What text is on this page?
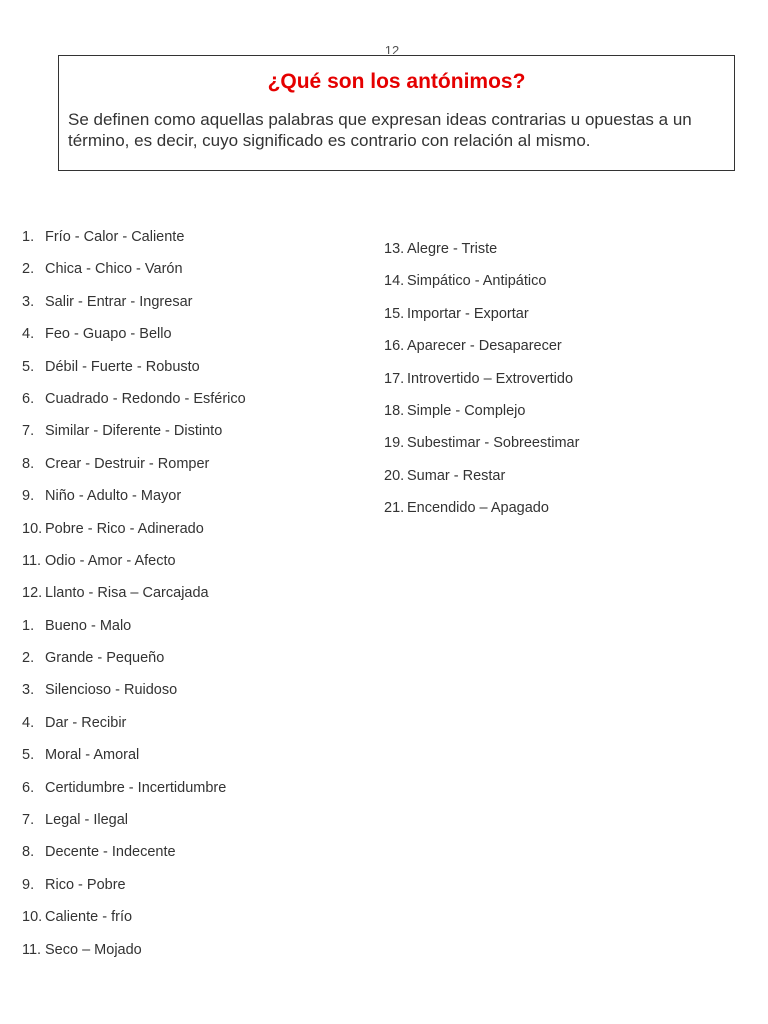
12
¿Qué son los antónimos?
Se definen como aquellas palabras que expresan ideas contrarias u opuestas a un término, es decir, cuyo significado es contrario con relación al mismo.
1. Frío - Calor - Caliente
2. Chica - Chico - Varón
3. Salir - Entrar - Ingresar
4. Feo - Guapo - Bello
5. Débil - Fuerte - Robusto
6. Cuadrado - Redondo - Esférico
7. Similar - Diferente - Distinto
8. Crear - Destruir - Romper
9. Niño - Adulto - Mayor
10. Pobre - Rico - Adinerado
11. Odio - Amor - Afecto
12. Llanto - Risa – Carcajada
1. Bueno - Malo
2. Grande - Pequeño
3. Silencioso - Ruidoso
4. Dar - Recibir
5. Moral - Amoral
6. Certidumbre - Incertidumbre
7. Legal - Ilegal
8. Decente - Indecente
9. Rico - Pobre
10. Caliente - frío
11. Seco – Mojado
13. Alegre - Triste
14. Simpático - Antipático
15. Importar - Exportar
16. Aparecer - Desaparecer
17. Introvertido – Extrovertido
18. Simple - Complejo
19. Subestimar - Sobreestimar
20. Sumar - Restar
21. Encendido – Apagado
